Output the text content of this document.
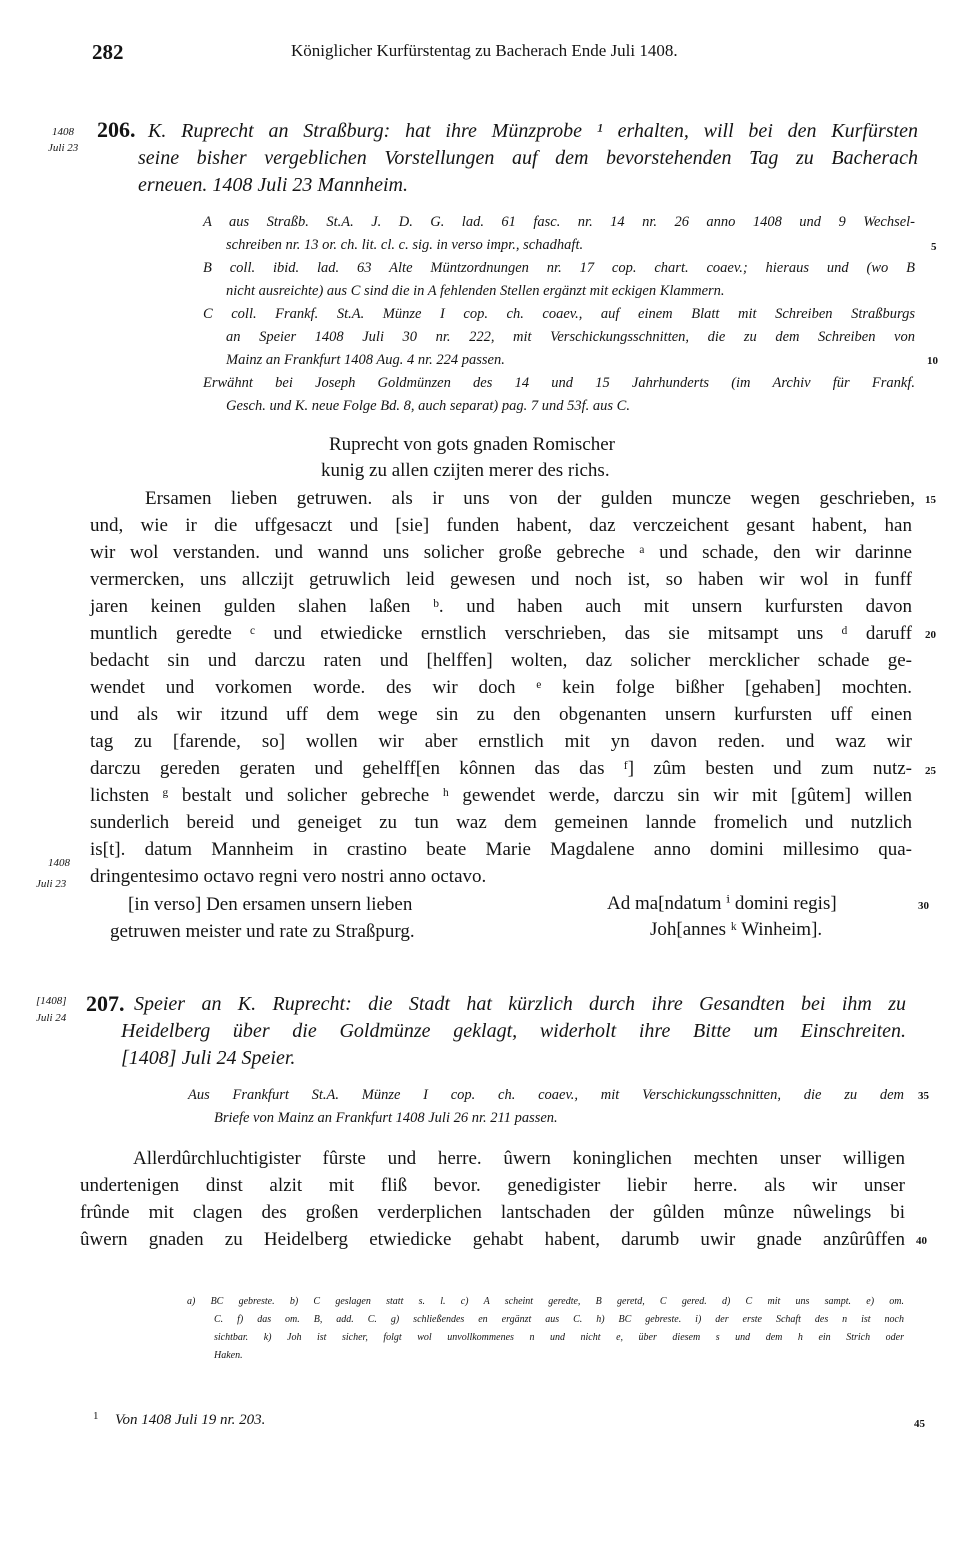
282	Königlicher Kurfürstentag zu Bacherach Ende Juli 1408.
1408
Juli 23
206. K. Ruprecht an Straßburg: hat ihre Münzprobe ¹ erhalten, will bei den Kurfürsten
seine bisher vergeblichen Vorstellungen auf dem bevorstehenden Tag zu Bacherach
erneuen. 1408 Juli 23 Mannheim.
A aus Straßb. St.A. J. D. G. lad. 61 fasc. nr. 14 nr. 26 anno 1408 und 9 Wechsel-
schreiben nr. 13 or. ch. lit. cl. c. sig. in verso impr., schadhaft.	5
B coll. ibid. lad. 63 Alte Müntzordnungen nr. 17 cop. chart. coaev.; hieraus und (wo B
nicht ausreichte) aus C sind die in A fehlenden Stellen ergänzt mit eckigen Klammern.
C coll. Frankf. St.A. Münze I cop. ch. coaev., auf einem Blatt mit Schreiben Straßburgs
an Speier 1408 Juli 30 nr. 222, mit Verschickungsschnitten, die zu dem Schreiben von
Mainz an Frankfurt 1408 Aug. 4 nr. 224 passen.	10
Erwähnt bei Joseph Goldmünzen des 14 und 15 Jahrhunderts (im Archiv für Frankf.
Gesch. und K. neue Folge Bd. 8, auch separat) pag. 7 und 53f. aus C.
Ruprecht von gots gnaden Romischer
kunig zu allen czijten merer des richs.
Ersamen lieben getruwen. als ir uns von der gulden muncze wegen geschrieben, 15
und, wie ir die uffgesaczt und [sie] funden habent, daz verczeichent gesant habent, han
wir wol verstanden. und wannd uns solicher große gebreche ᵃ und schade, den wir darinne
vermercken, uns allczijt getruwlich leid gewesen und noch ist, so haben wir wol in funff
jaren keinen gulden slahen laßen ᵇ. und haben auch mit unsern kurfursten davon
muntlich geredte ᶜ und etwiedicke ernstlich verschrieben, das sie mitsampt uns ᵈ daruff 20
bedacht sin und darczu raten und [helffen] wolten, daz solicher mercklicher schade ge-
wendet und vorkomen worde. des wir doch ᵉ kein folge bißher [gehaben] mochten.
und als wir itzund uff dem wege sin zu den obgenanten unsern kurfursten uff einen
tag zu [farende, so] wollen wir aber ernstlich mit yn davon reden. und waz wir
darczu gereden geraten und gehelff[en kônnen das das ᶠ] zûm besten und zum nutz- 25
lichsten ᵍ bestalt und solicher gebreche ʰ gewendet werde, darczu sin wir mit [gûtem] willen
sunderlich bereid und geneiget zu tun waz dem gemeinen lannde fromelich und nutzlich
is[t]. datum Mannheim in crastino beate Marie Magdalene anno domini millesimo qua-
dringentesimo octavo regni vero nostri anno octavo.
1408
Juli 23
[in verso] Den ersamen unsern lieben
getruwen meister und rate zu Straßpurg.
Ad ma[ndatum ⁱ domini regis]
Joh[annes ᵏ Winheim].
30
[1408]
Juli 24
207. Speier an K. Ruprecht: die Stadt hat kürzlich durch ihre Gesandten bei ihm zu
Heidelberg über die Goldmünze geklagt, widerholt ihre Bitte um Einschreiten.
[1408] Juli 24 Speier.
Aus Frankfurt St.A. Münze I cop. ch. coaev., mit Verschickungsschnitten, die zu dem 35
Briefe von Mainz an Frankfurt 1408 Juli 26 nr. 211 passen.
Allerdûrchluchtigister fûrste und herre. ûwern koninglichen mechten unser willigen
undertenigen dinst alzit mit fliß bevor. genedigister liebir herre. als wir unser
frûnde mit clagen des großen verderplichen lantschaden der gûlden mûnze nûwelings bi
ûwern gnaden zu Heidelberg etwiedicke gehabt habent, darumb uwir gnade anzûrûffen 40
a) BC gebreste. b) C geslagen statt s. l. c) A scheint geredte, B geretd, C gered. d) C mit uns sampt. e) om.
C. f) das om. B, add. C. g) schließendes en ergänzt aus C. h) BC gebreste. i) der erste Schaft des n ist noch
sichtbar. k) Joh ist sicher, folgt wol unvollkommenes n und nicht e, über diesem s und dem h ein Strich oder
Haken.
1 Von 1408 Juli 19 nr. 203.	45
